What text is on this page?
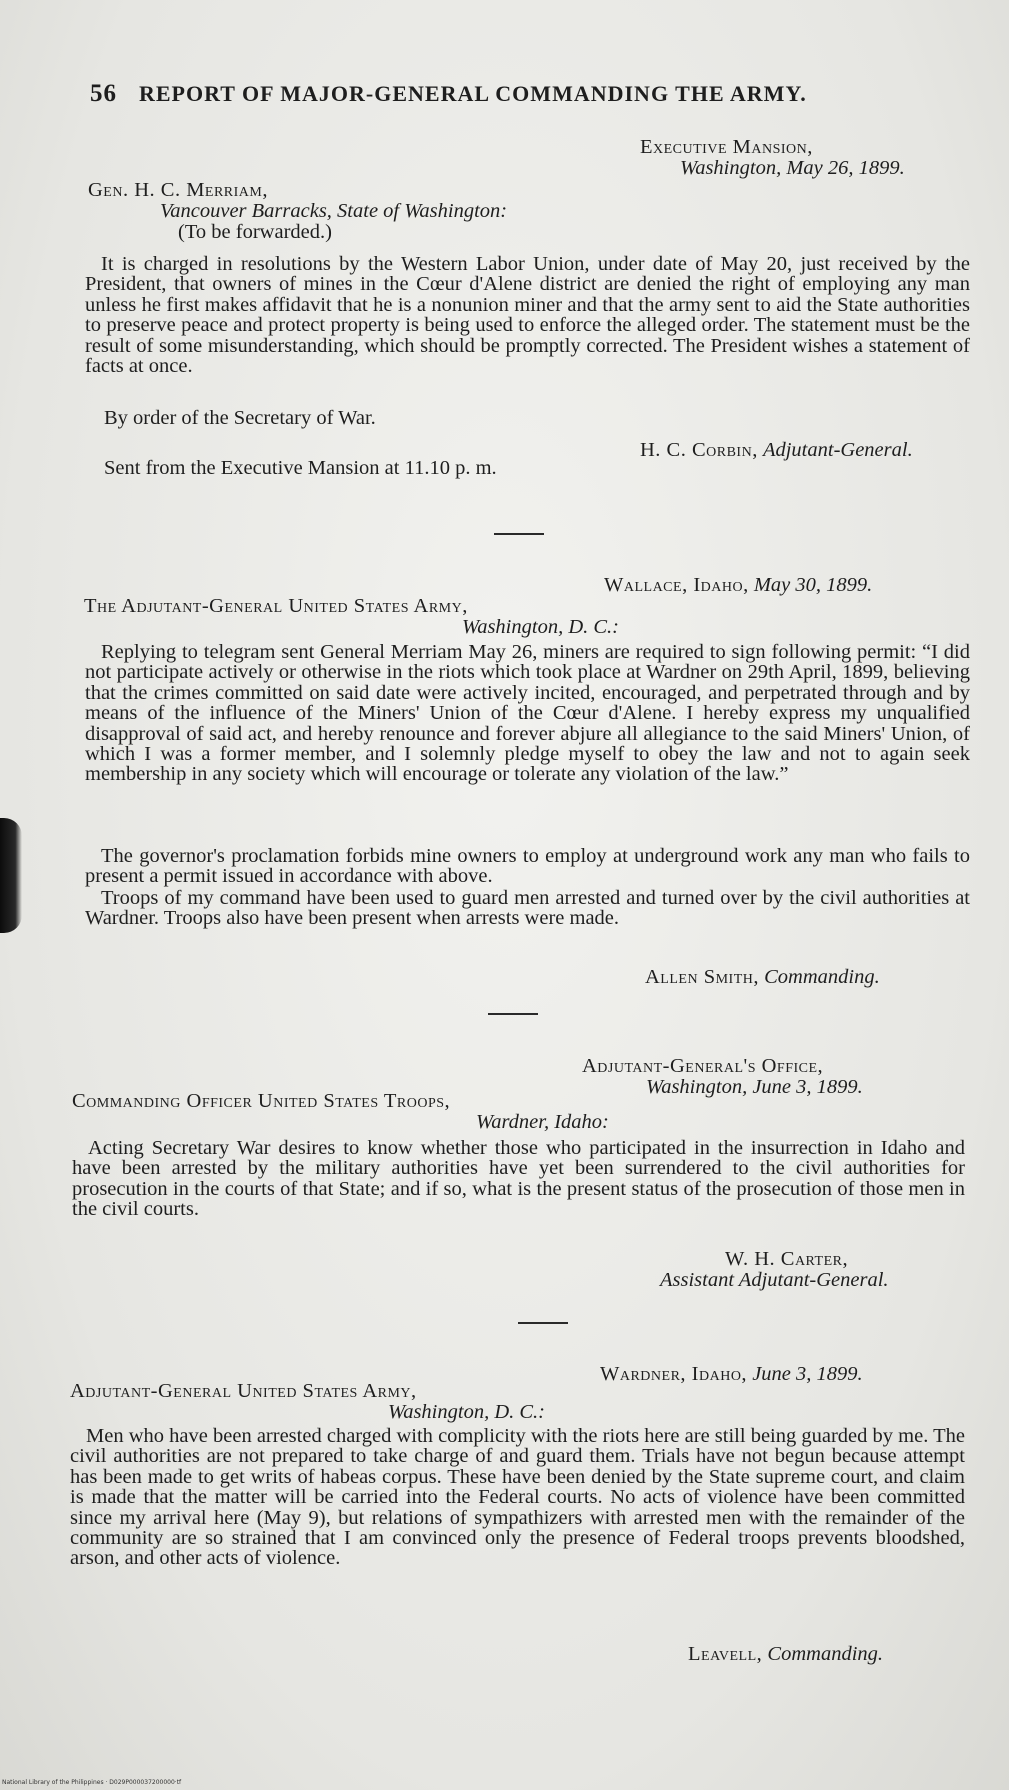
56 REPORT OF MAJOR-GENERAL COMMANDING THE ARMY.
Executive Mansion,
Washington, May 26, 1899.
Gen. H. C. Merriam,
Vancouver Barracks, State of Washington:
(To be forwarded.)
It is charged in resolutions by the Western Labor Union, under date of May 20, just received by the President, that owners of mines in the Cœur d'Alene district are denied the right of employing any man unless he first makes affidavit that he is a nonunion miner and that the army sent to aid the State authorities to preserve peace and protect property is being used to enforce the alleged order. The statement must be the result of some misunderstanding, which should be promptly corrected. The President wishes a statement of facts at once.
By order of the Secretary of War.
H. C. Corbin, Adjutant-General.
Sent from the Executive Mansion at 11.10 p. m.
Wallace, Idaho, May 30, 1899.
The Adjutant-General United States Army,
Washington, D. C.:
Replying to telegram sent General Merriam May 26, miners are required to sign following permit: “I did not participate actively or otherwise in the riots which took place at Wardner on 29th April, 1899, believing that the crimes committed on said date were actively incited, encouraged, and perpetrated through and by means of the influence of the Miners' Union of the Cœur d'Alene. I hereby express my unqualified disapproval of said act, and hereby renounce and forever abjure all allegiance to the said Miners' Union, of which I was a former member, and I solemnly pledge myself to obey the law and not to again seek membership in any society which will encourage or tolerate any violation of the law.”
The governor's proclamation forbids mine owners to employ at underground work any man who fails to present a permit issued in accordance with above.
Troops of my command have been used to guard men arrested and turned over by the civil authorities at Wardner. Troops also have been present when arrests were made.
Allen Smith, Commanding.
Adjutant-General's Office,
Washington, June 3, 1899.
Commanding Officer United States Troops,
Wardner, Idaho:
Acting Secretary War desires to know whether those who participated in the insurrection in Idaho and have been arrested by the military authorities have yet been surrendered to the civil authorities for prosecution in the courts of that State; and if so, what is the present status of the prosecution of those men in the civil courts.
W. H. Carter,
Assistant Adjutant-General.
Wardner, Idaho, June 3, 1899.
Adjutant-General United States Army,
Washington, D. C.:
Men who have been arrested charged with complicity with the riots here are still being guarded by me. The civil authorities are not prepared to take charge of and guard them. Trials have not begun because attempt has been made to get writs of habeas corpus. These have been denied by the State supreme court, and claim is made that the matter will be carried into the Federal courts. No acts of violence have been committed since my arrival here (May 9), but relations of sympathizers with arrested men with the remainder of the community are so strained that I am convinced only the presence of Federal troops prevents bloodshed, arson, and other acts of violence.
Leavell, Commanding.
National Library of the Philippines · D029P000037200000·tf
